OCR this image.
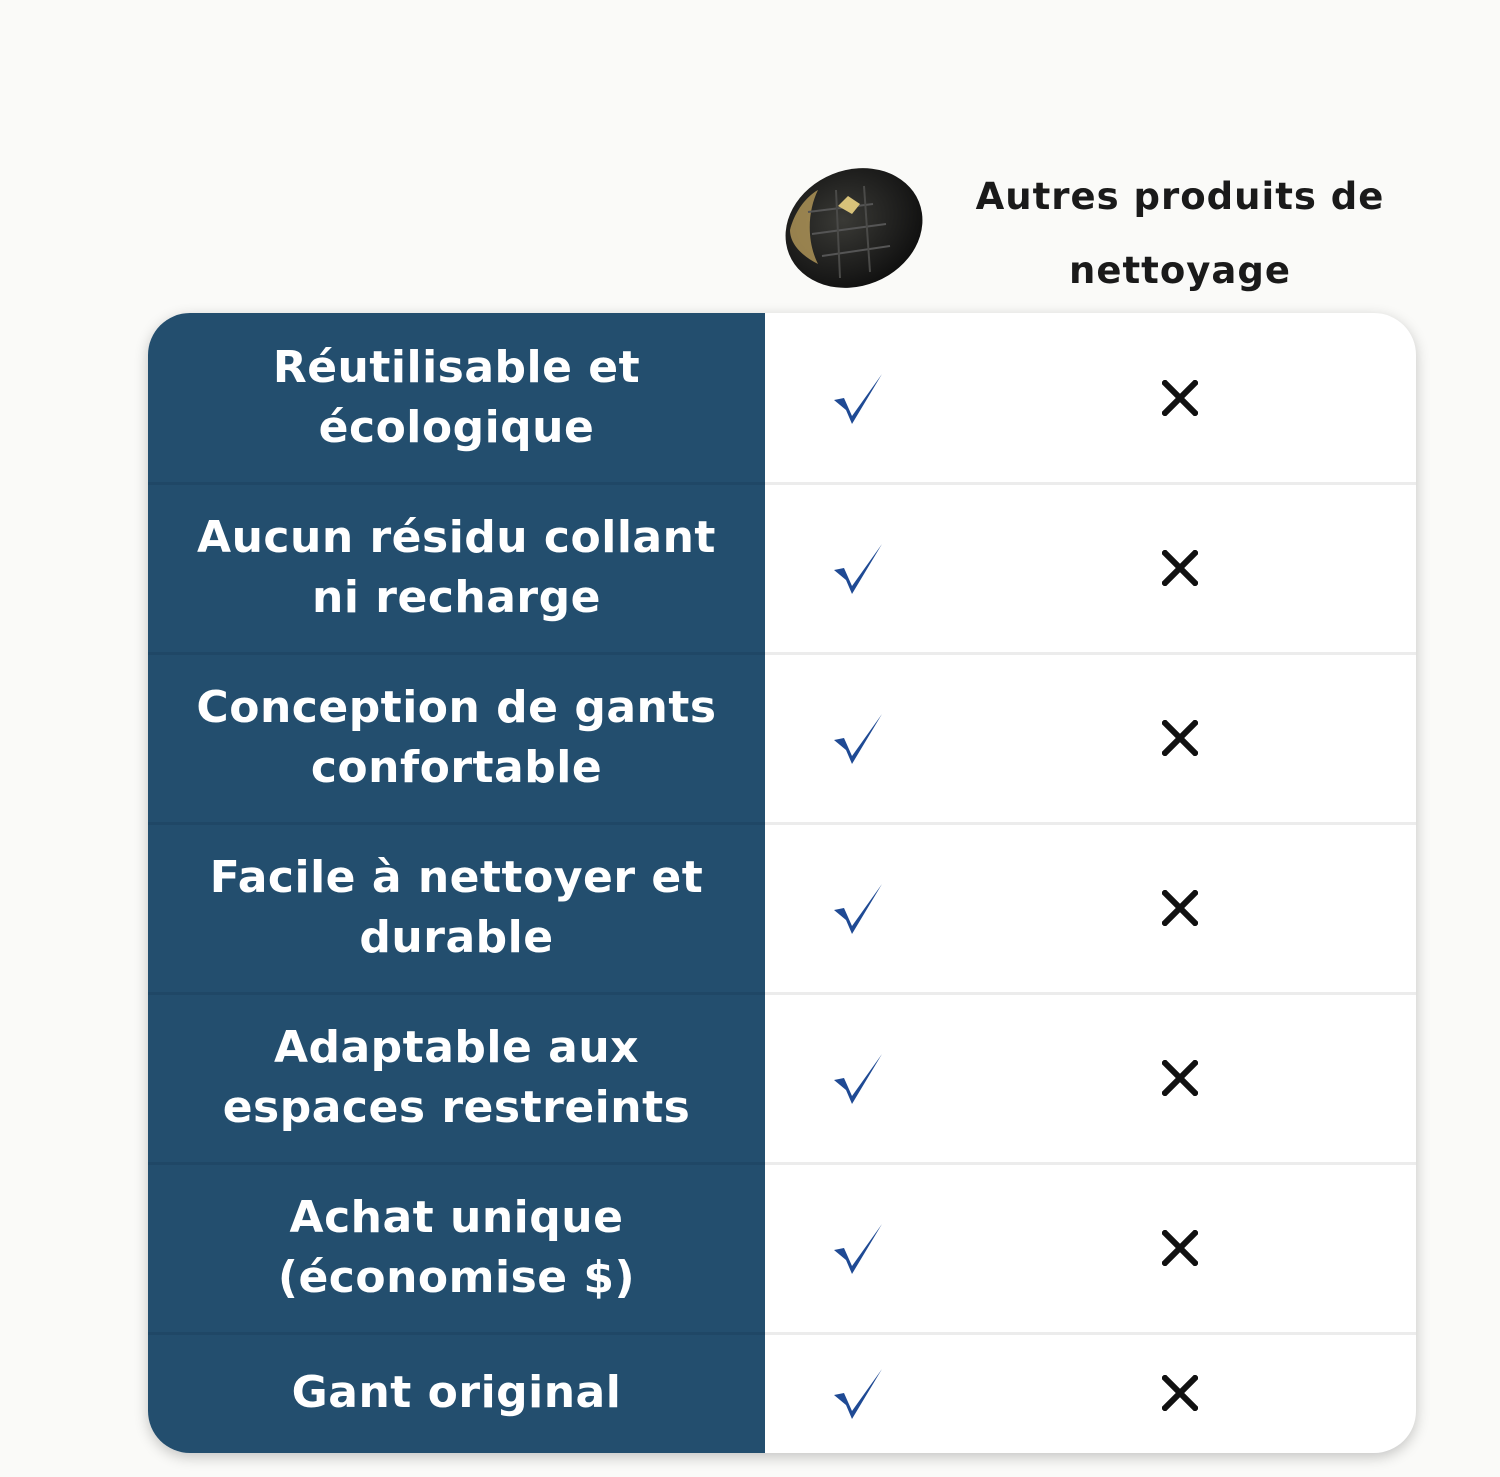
Autres produits de
nettoyage
Réutilisable et
écologique
Aucun résidu collant
ni recharge
Conception de gants
confortable
Facile à nettoyer et
durable
Adaptable aux
espaces restreints
Achat unique
(économise $)
Gant original
